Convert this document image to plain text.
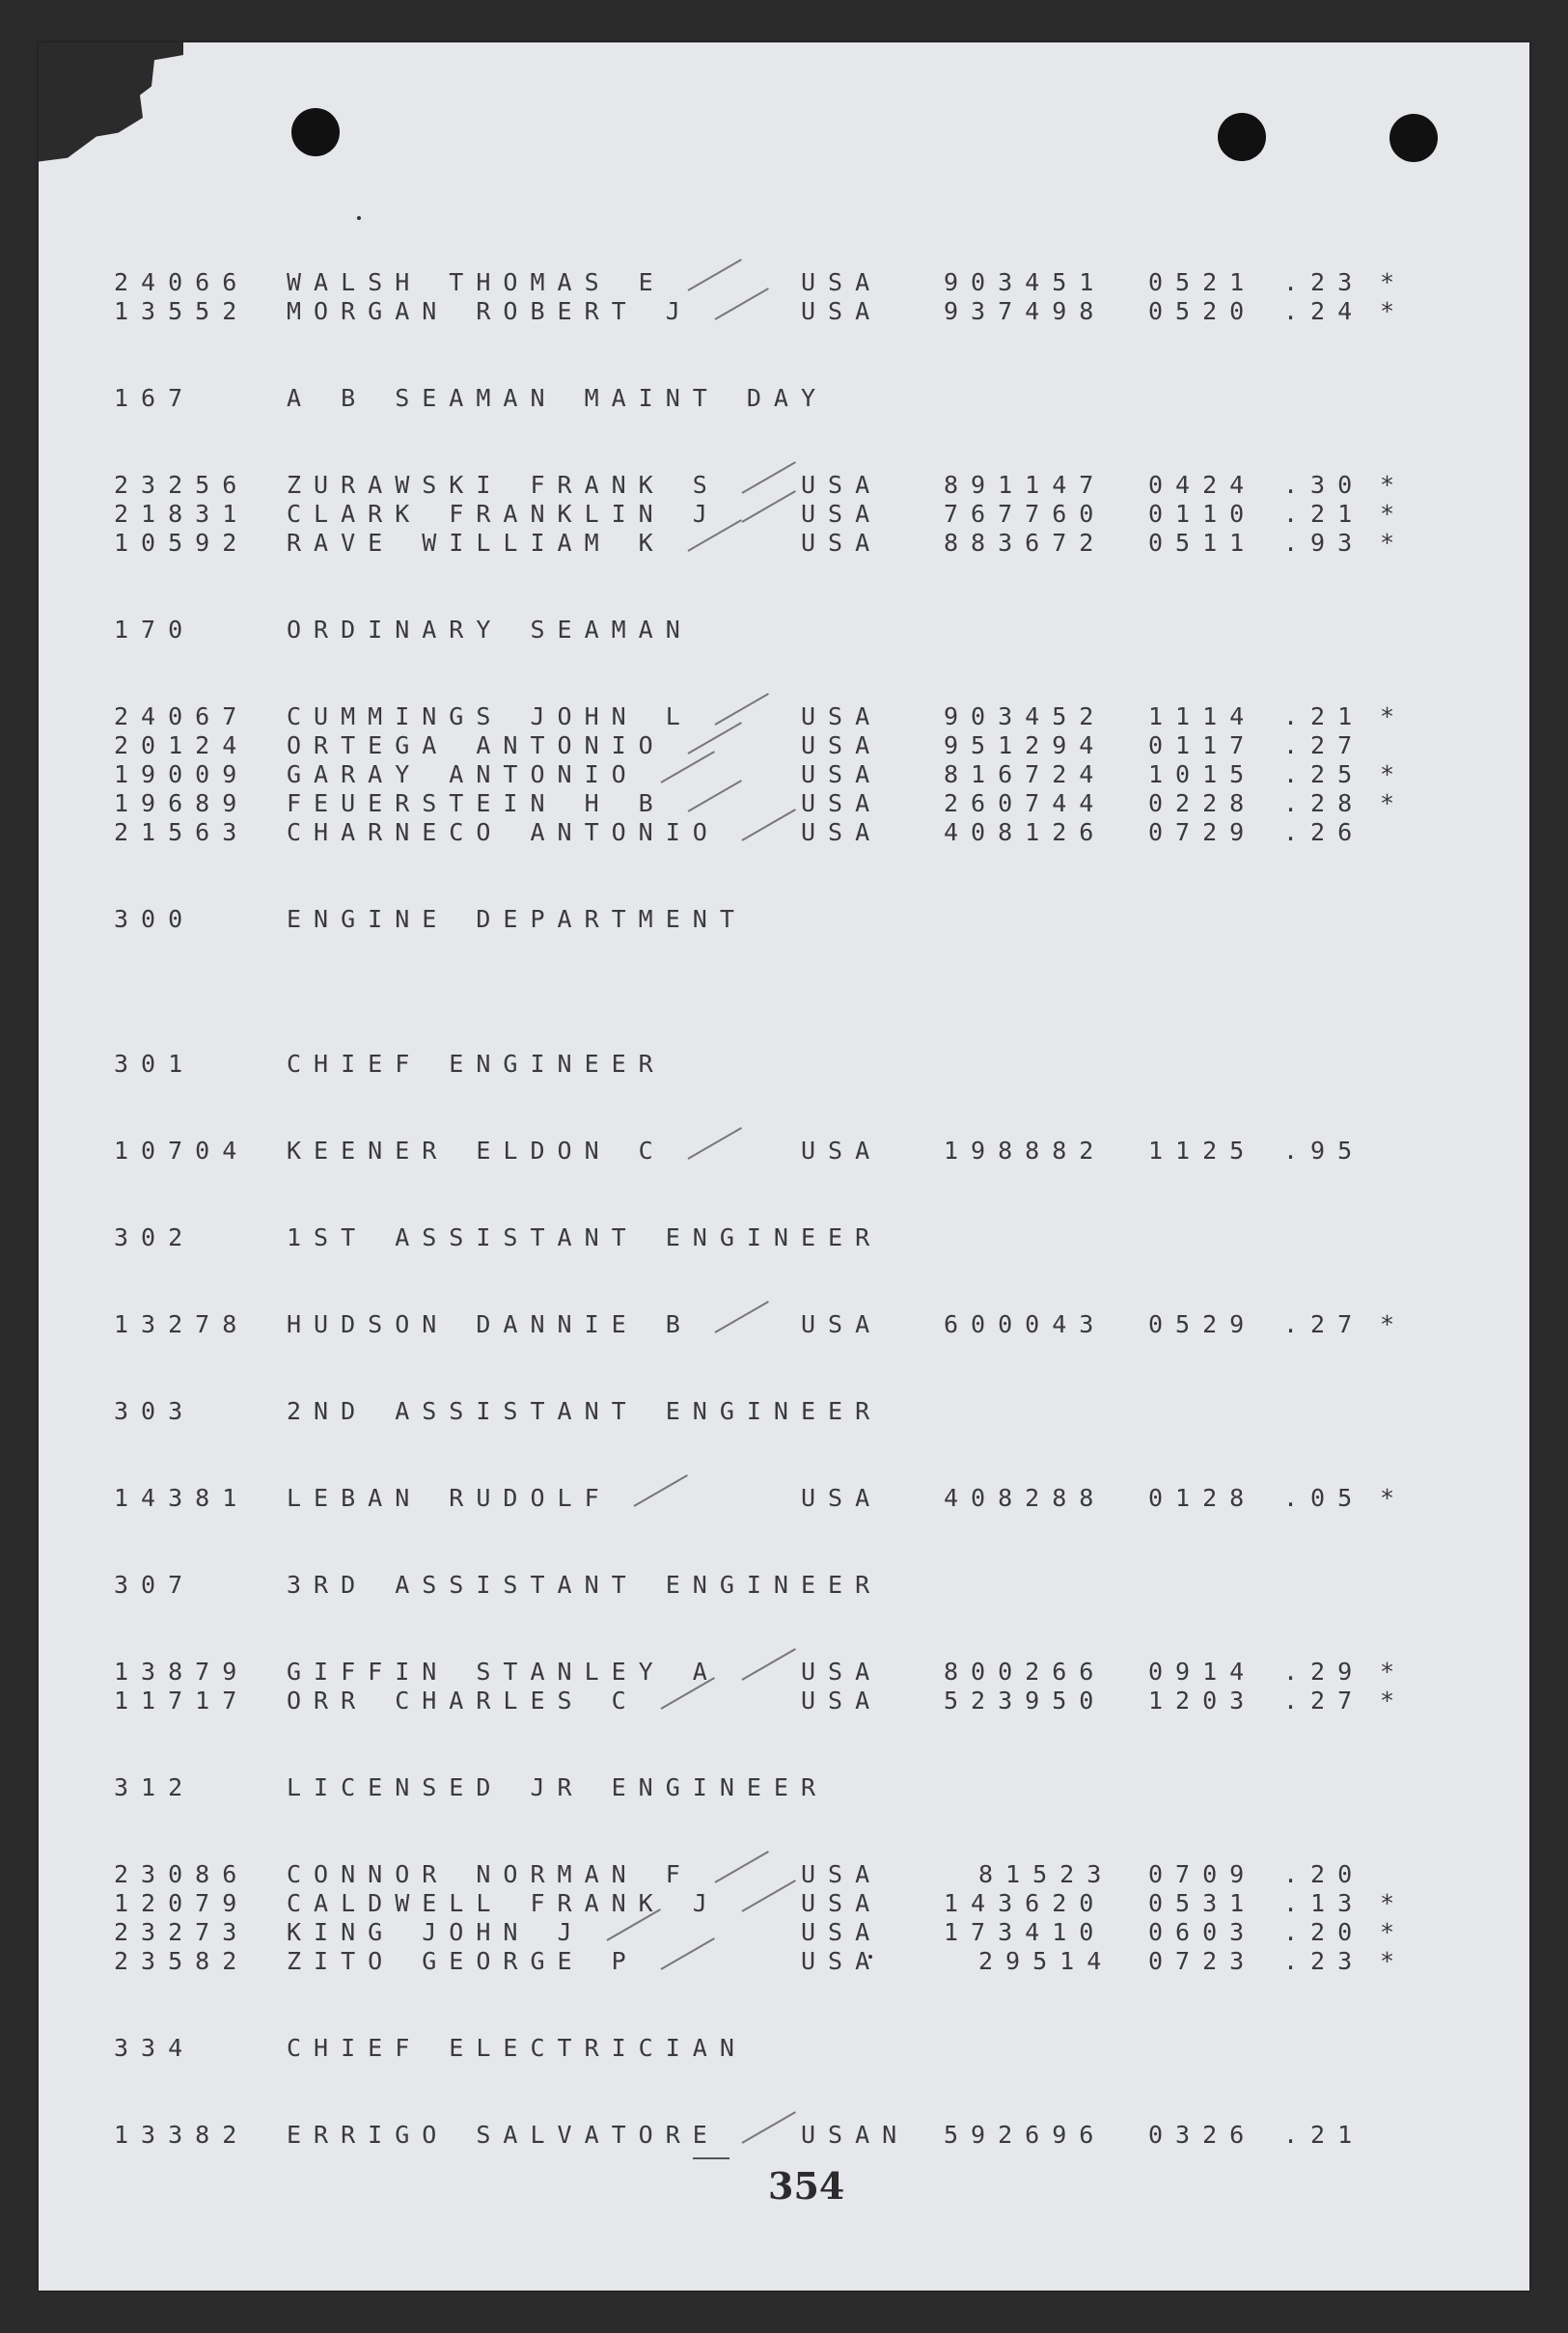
24066 WALSH THOMAS E	USA	903451 0521 .23 *
13552 MORGAN ROBERT J	USA	937498 0520 .24 *
167	A B SEAMAN MAINT DAY
23256 ZURAWSKI FRANK S	USA	891147 0424 .30 *
21831 CLARK FRANKLIN J	USA	767760 0110 .21 *
10592 RAVE WILLIAM K	USA	883672 0511 .93 *
170	ORDINARY SEAMAN
24067 CUMMINGS JOHN L	USA	903452 1114 .21 *
20124 ORTEGA ANTONIO	USA	951294 0117 .27
19009 GARAY ANTONIO	USA	816724 1015 .25 *
19689 FEUERSTEIN H B	USA	260744 0228 .28 *
21563 CHARNECO ANTONIO	USA	408126 0729 .26
300	ENGINE DEPARTMENT
301	CHIEF ENGINEER
10704 KEENER ELDON C	USA	198882 1125 .95
302	1ST ASSISTANT ENGINEER
13278 HUDSON DANNIE B	USA	600043 0529 .27 *
303	2ND ASSISTANT ENGINEER
14381 LEBAN RUDOLF	USA	408288 0128 .05 *
307	3RD ASSISTANT ENGINEER
13879 GIFFIN STANLEY A	USA	800266 0914 .29 *
11717 ORR CHARLES C	USA	523950 1203 .27 *
312	LICENSED JR ENGINEER
23086 CONNOR NORMAN F	USA	81523 0709 .20
12079 CALDWELL FRANK J	USA	143620 0531 .13 *
23273 KING JOHN J	USA	173410 0603 .20 *
23582 ZITO GEORGE P	USA	29514 0723 .23 *
334	CHIEF ELECTRICIAN
13382 ERRIGO SALVATORE	USAN 592696 0326 .21
354
